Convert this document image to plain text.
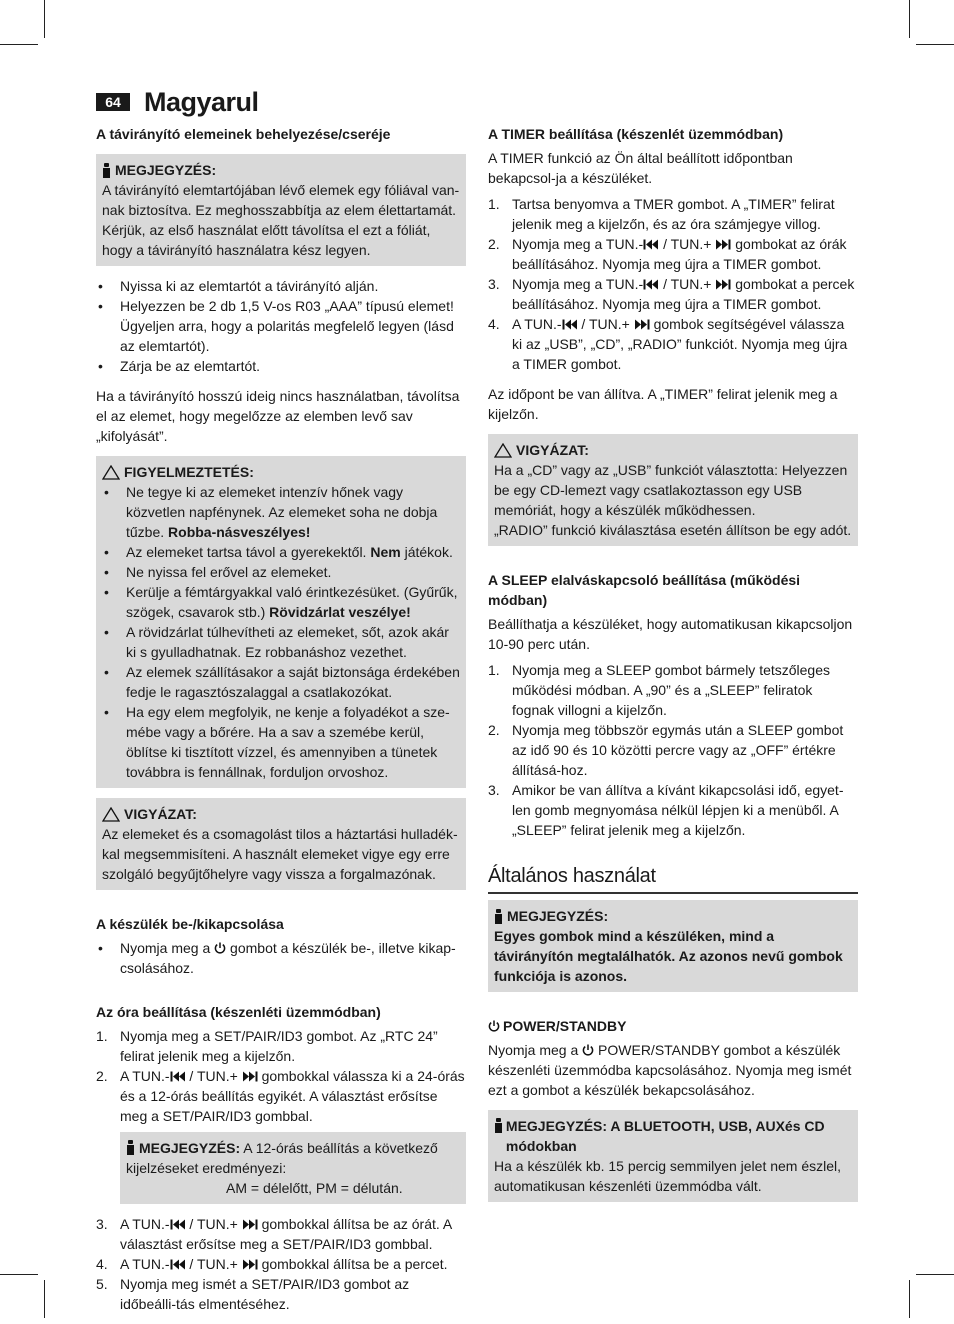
64 Magyarul
A távirányító elemeinek behelyezése/cseréje
MEGJEGYZÉS:

A távirányító elemtartójában lévő elemek egy fóliával van-nak biztosítva. Ez meghosszabbítja az elem élettartamát. Kérjük, az első használat előtt távolítsa el ezt a fóliát, hogy a távirányító használatra kész legyen.

• Nyissa ki az elemtartót a távirányító alján.
• Helyezzen be 2 db 1,5 V-os R03 „AAA” típusú elemet! Ügyeljen arra, hogy a polaritás megfelelő legyen (lásd az elemtartót).
• Zárja be az elemtartót.

Ha a távirányító hosszú ideig nincs használatban, távolítsa el az elemet, hogy megelőzze az elemben levő sav „kifolyását”.

FIGYELMEZTETÉS:
• Ne tegye ki az elemeket intenzív hőnek vagy közvetlen napfénynek. Az elemeket soha ne dobja tűzbe. Robba-násveszélyes!
• Az elemeket tartsa távol a gyerekektől. Nem játékok.
• Ne nyissa fel erővel az elemeket.
• Kerülje a fémtárgyakkal való érintkezésüket. (Gyűrűk, szögek, csavarok stb.) Rövidzárlat veszélye!
• A rövidzárlat túlhevítheti az elemeket, sőt, azok akár ki s gyulladhatnak. Ez robbanáshoz vezethet.
• Az elemek szállításakor a saját biztonsága érdekében fedje le ragasztószalaggal a csatlakozókat.
• Ha egy elem megfolyik, ne kenje a folyadékot a sze-mébe vagy a bőrére. Ha a sav a szemébe kerül, öblítse ki tisztított vízzel, és amennyiben a tünetek továbbra is fennállnak, forduljon orvoshoz.
VIGYÁZAT:

Az elemeket és a csomagolást tilos a háztartási hulladék-kal megsemmisíteni. A használt elemeket vigye egy erre szolgáló begyűjtőhelyre vagy vissza a forgalmazónak.

A készülék be-/kikapcsolása
• Nyomja meg a  gombot a készülék be-, illetve kikap-csolásához.
Az óra beállítása (készenléti üzemmódban)
1. Nyomja meg a SET/PAIR/ID3 gombot. Az „RTC 24” felirat jelenik meg a kijelzőn.
2. A TUN.- / TUN.+  gombokkal válassza ki a 24-órás és a 12-órás beállítás egyikét. A választást erősítse meg a SET/PAIR/ID3 gombbal.

MEGJEGYZÉS: A 12-órás beállítás a következő kijelzéseket eredményezi:

AM = délelőtt, PM = délután.

3. A TUN.- / TUN.+  gombokkal állítsa be az órát. A választást erősítse meg a SET/PAIR/ID3 gombbal.
4. A TUN.- / TUN.+  gombokkal állítsa be a percet.
5. Nyomja meg ismét a SET/PAIR/ID3 gombot az időbeálli-tás elmentéséhez.
A TIMER beállítása (készenlét üzemmódban)

A TIMER funkció az Ön által beállított időpontban bekapcsol-ja a készüléket.

1. Tartsa benyomva a TMER gombot. A „TIMER” felirat jelenik meg a kijelzőn, és az óra számjegye villog.
2. Nyomja meg a TUN.- / TUN.+  gombokat az órák beállításához. Nyomja meg újra a TIMER gombot.
3. Nyomja meg a TUN.- / TUN.+  gombokat a percek beállításához. Nyomja meg újra a TIMER gombot.
4. A TUN.- / TUN.+  gombok segítségével válassza ki az „USB”, „CD”, „RADIO” funkciót. Nyomja meg újra a TIMER gombot.

Az időpont be van állítva. A „TIMER” felirat jelenik meg a kijelzőn.

VIGYÁZAT:

Ha a „CD” vagy az „USB” funkciót választotta: Helyezzen be egy CD-lemezt vagy csatlakoztasson egy USB memóriát, hogy a készülék működhessen.

„RADIO” funkció kiválasztása esetén állítson be egy adót.

A SLEEP elalváskapcsoló beállítása (működési módban)

Beállíthatja a készüléket, hogy automatikusan kikapcsoljon 10-90 perc után.

1. Nyomja meg a SLEEP gombot bármely tetszőleges működési módban. A „90” és a „SLEEP” feliratok fognak villogni a kijelzőn.
2. Nyomja meg többször egymás után a SLEEP gombot az idő 90 és 10 közötti percre vagy az „OFF” értékre állításá-hoz.
3. Amikor be van állítva a kívánt kikapcsolási idő, egyet-len gomb megnyomása nélkül lépjen ki a menüből. A „SLEEP” felirat jelenik meg a kijelzőn.
Általános használat
MEGJEGYZÉS:

Egyes gombok mind a készüléken, mind a távirányítón megtalálhatók. Az azonos nevű gombok funkciója is azonos.

POWER/STANDBY

Nyomja meg a  POWER/STANDBY gombot a készülék készenléti üzemmódba kapcsolásához. Nyomja meg ismét ezt a gombot a készülék bekapcsolásához.

MEGJEGYZÉS: A BLUETOOTH, USB, AUXés CD módokban

Ha a készülék kb. 15 percig semmilyen jelet nem észlel, automatikusan készenléti üzemmódba vált.
